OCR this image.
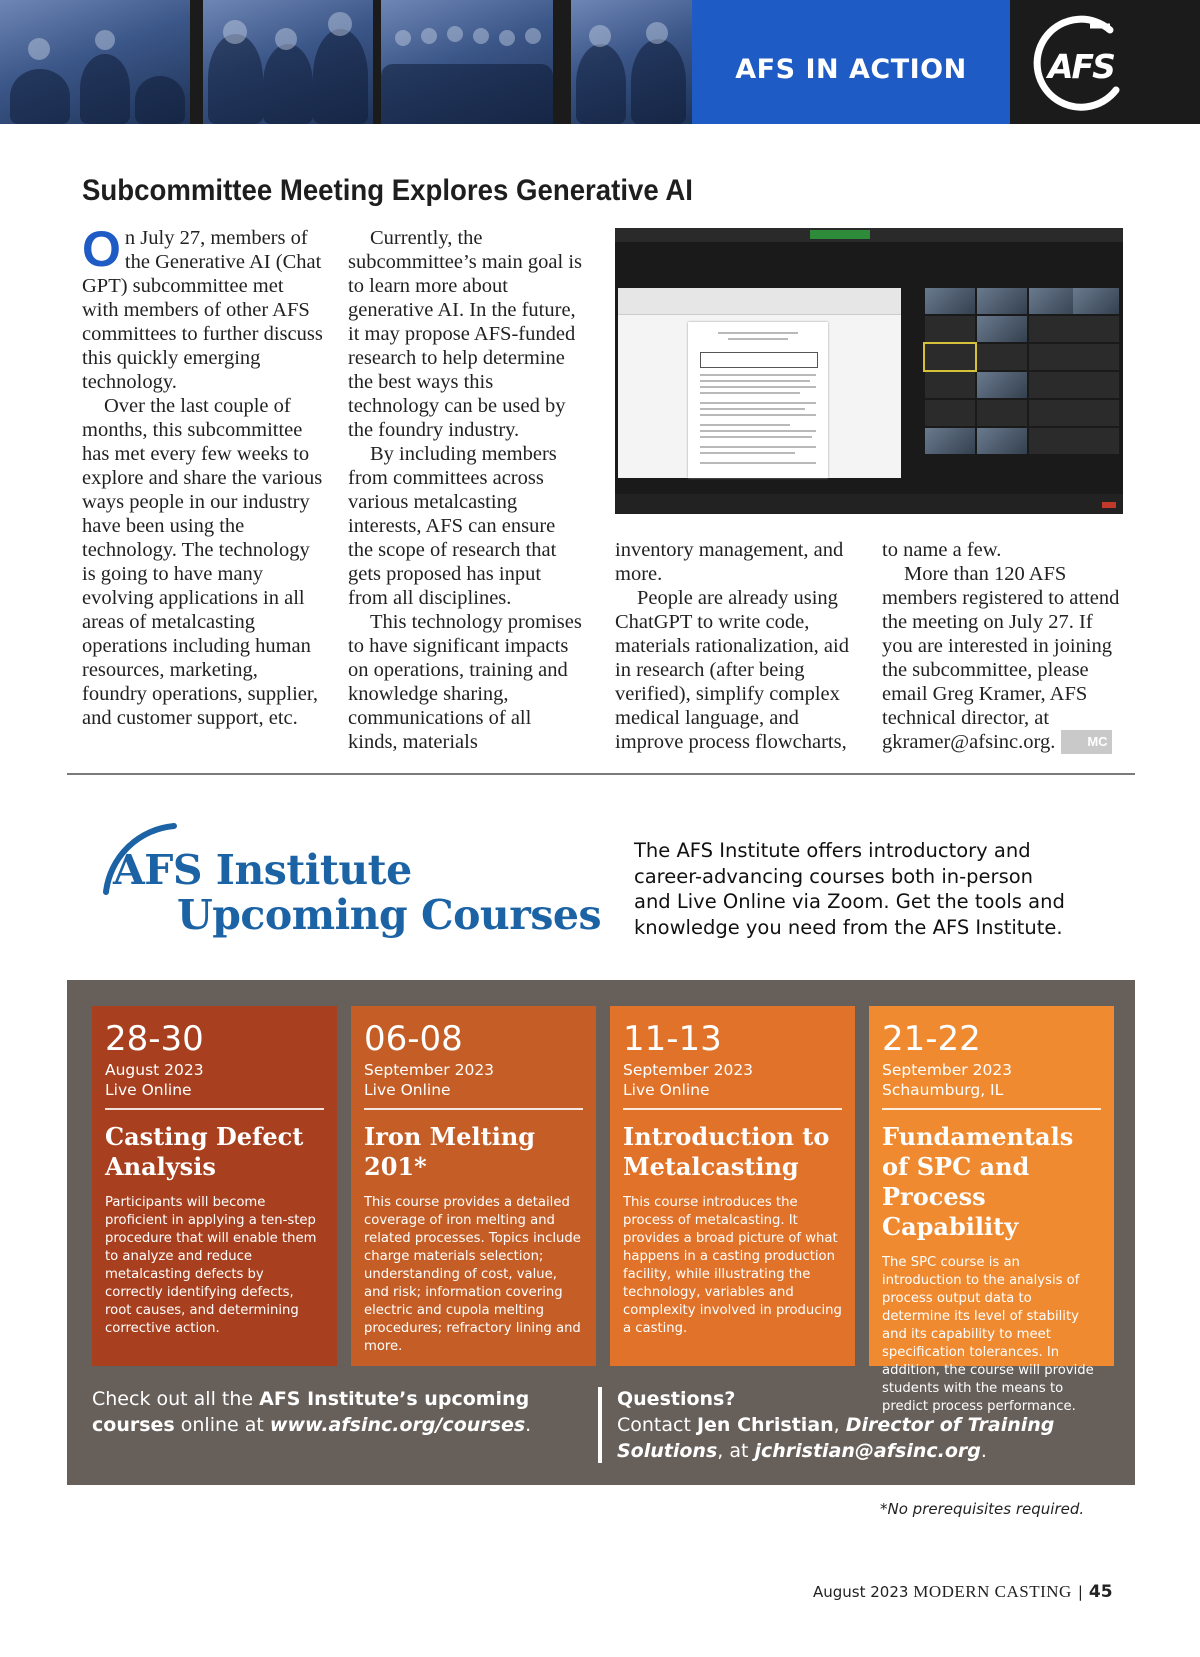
AFS IN ACTION	AFS
Subcommittee Meeting Explores Generative AI

On July 27, members of the Generative AI (Chat GPT) subcommittee met with members of other AFS committees to further discuss this quickly emerging technology.

Over the last couple of months, this subcommittee has met every few weeks to explore and share the various ways people in our industry have been using the technology. The technology is going to have many evolving applications in all areas of metalcasting operations including human resources, marketing, foundry operations, supplier, and customer support, etc.

Currently, the subcommittee’s main goal is to learn more about generative AI. In the future, it may propose AFS-funded research to help determine the best ways this technology can be used by the foundry industry.

By including members from committees across various metalcasting interests, AFS can ensure the scope of research that gets proposed has input from all disciplines.

This technology promises to have significant impacts on operations, training and knowledge sharing, communications of all kinds, materials

inventory management, and more.

People are already using ChatGPT to write code, materials rationalization, aid in research (after being verified), simplify complex medical language, and improve process flowcharts,

to name a few.

More than 120 AFS members registered to attend the meeting on July 27. If you are interested in joining the subcommittee, please email Greg Kramer, AFS technical director, at gkramer@afsinc.org. MC

AFS Institute
Upcoming Courses
The AFS Institute offers introductory and career-advancing courses both in-person and Live Online via Zoom. Get the tools and knowledge you need from the AFS Institute.
28-30
August 2023
Live Online
Casting Defect Analysis
Participants will become proficient in applying a ten-step procedure that will enable them to analyze and reduce metalcasting defects by correctly identifying defects, root causes, and determining corrective action.
06-08
September 2023
Live Online
Iron Melting 201*
This course provides a detailed coverage of iron melting and related processes. Topics include charge materials selection; understanding of cost, value, and risk; information covering electric and cupola melting procedures; refractory lining and more.
11-13
September 2023
Live Online
Introduction to Metalcasting
This course introduces the process of metalcasting. It provides a broad picture of what happens in a casting production facility, while illustrating the technology, variables and complexity involved in producing a casting.
21-22
September 2023
Schaumburg, IL
Fundamentals of SPC and Process Capability
The SPC course is an introduction to the analysis of process output data to determine its level of stability and its capability to meet specification tolerances. In addition, the course will provide students with the means to predict process performance.
Check out all the AFS Institute’s upcoming courses online at www.afsinc.org/courses.
Questions?
Contact Jen Christian, Director of Training Solutions, at jchristian@afsinc.org.
*No prerequisites required.
August 2023 MODERN CASTING | 45
